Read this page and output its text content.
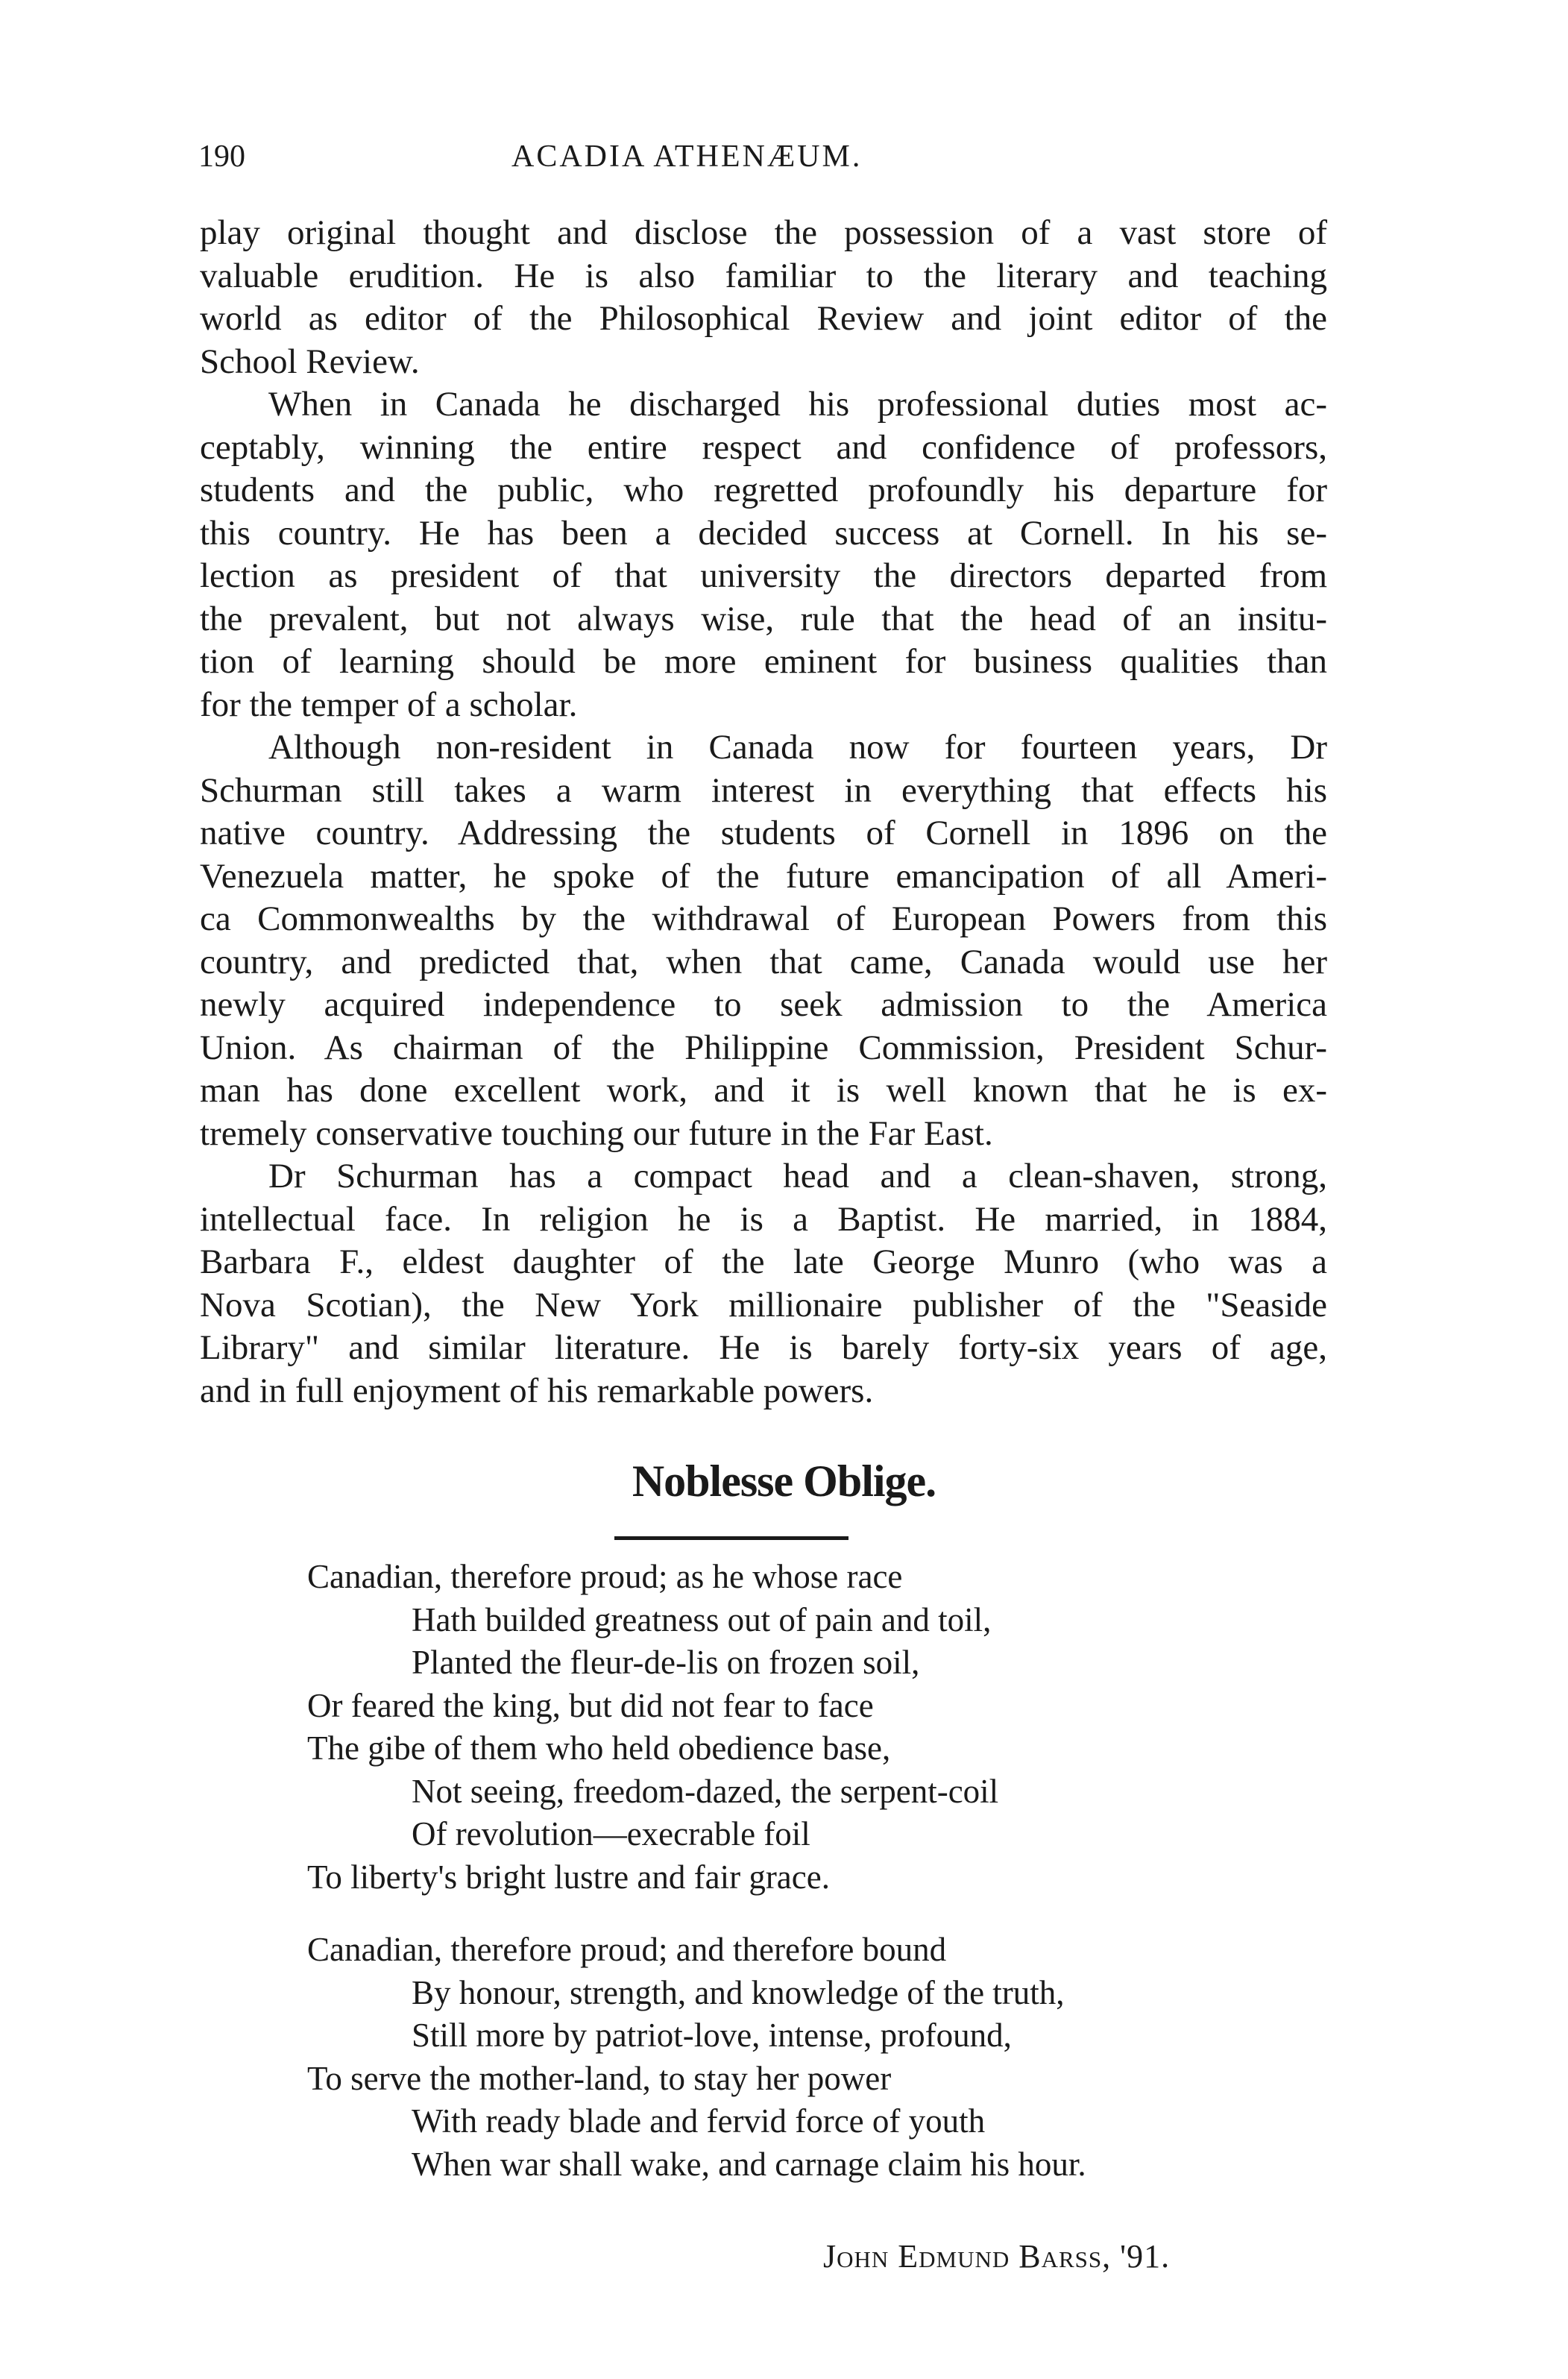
190	ACADIA ATHENÆUM.

play original thought and disclose the possession of a vast store of
valuable erudition. He is also familiar to the literary and teaching
world as editor of the Philosophical Review and joint editor of the
School Review.

When in Canada he discharged his professional duties most ac-
ceptably, winning the entire respect and confidence of professors,
students and the public, who regretted profoundly his departure for
this country. He has been a decided success at Cornell. In his se-
lection as president of that university the directors departed from
the prevalent, but not always wise, rule that the head of an insitu-
tion of learning should be more eminent for business qualities than
for the temper of a scholar.

Although non-resident in Canada now for fourteen years, Dr
Schurman still takes a warm interest in everything that effects his
native country. Addressing the students of Cornell in 1896 on the
Venezuela matter, he spoke of the future emancipation of all Ameri-
ca Commonwealths by the withdrawal of European Powers from this
country, and predicted that, when that came, Canada would use her
newly acquired independence to seek admission to the America
Union. As chairman of the Philippine Commission, President Schur-
man has done excellent work, and it is well known that he is ex-
tremely conservative touching our future in the Far East.

Dr Schurman has a compact head and a clean-shaven, strong,
intellectual face. In religion he is a Baptist. He married, in 1884,
Barbara F., eldest daughter of the late George Munro (who was a
Nova Scotian), the New York millionaire publisher of the "Seaside
Library" and similar literature. He is barely forty-six years of age,
and in full enjoyment of his remarkable powers.

Noblesse Oblige.
Canadian, therefore proud; as he whose race
Hath builded greatness out of pain and toil,
Planted the fleur-de-lis on frozen soil,
Or feared the king, but did not fear to face
The gibe of them who held obedience base,
Not seeing, freedom-dazed, the serpent-coil
Of revolution—execrable foil
To liberty's bright lustre and fair grace.
Canadian, therefore proud; and therefore bound
By honour, strength, and knowledge of the truth,
Still more by patriot-love, intense, profound,
To serve the mother-land, to stay her power
With ready blade and fervid force of youth
When war shall wake, and carnage claim his hour.
John Edmund Barss, '91.
